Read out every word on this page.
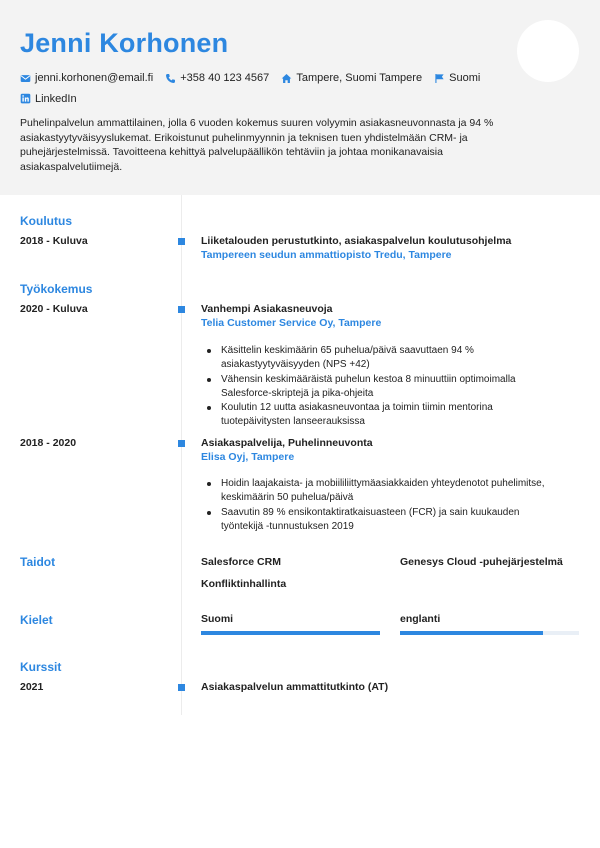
Jenni Korhonen
jenni.korhonen@email.fi
+358 40 123 4567
Tampere, Suomi Tampere
Suomi

LinkedIn
Puhelinpalvelun ammattilainen, jolla 6 vuoden kokemus suuren volyymin asiakasneuvonnasta ja 94 % asiakastyytyväisyyslukemat. Erikoistunut puhelinmyynnin ja teknisen tuen yhdistelmään CRM- ja puhejärjestelmissä. Tavoitteena kehittyä palvelupäällikön tehtäviin ja johtaa monikanavaisia asiakaspalvelutiimejä.
Koulutus
2018 - Kuluva	Liiketalouden perustutkinto, asiakaspalvelun koulutusohjelma
Tampereen seudun ammattiopisto Tredu, Tampere
Työkokemus
2020 - Kuluva	Vanhempi Asiakasneuvoja
Telia Customer Service Oy, Tampere
Käsittelin keskimäärin 65 puhelua/päivä saavuttaen 94 % asiakastyytyväisyyden (NPS +42)
Vähensin keskimääräistä puhelun kestoa 8 minuuttiin optimoimalla Salesforce-skriptejä ja pika-ohjeita
Koulutin 12 uutta asiakasneuvontaa ja toimin tiimin mentorina tuotepäivitysten lanseerauksissa
2018 - 2020	Asiakaspalvelija, Puhelinneuvonta
Elisa Oyj, Tampere
Hoidin laajakaista- ja mobiililiittymäasiakkaiden yhteydenotot puhelimitse, keskimäärin 50 puhelua/päivä
Saavutin 89 % ensikontaktiratkaisuasteen (FCR) ja sain kuukauden työntekijä -tunnustuksen 2019
Taidot	Salesforce CRM	Genesys Cloud -puhejärjestelmä
Konfliktinhallinta
Kielet	Suomi	englanti
Kurssit
2021	Asiakaspalvelun ammattitutkinto (AT)
